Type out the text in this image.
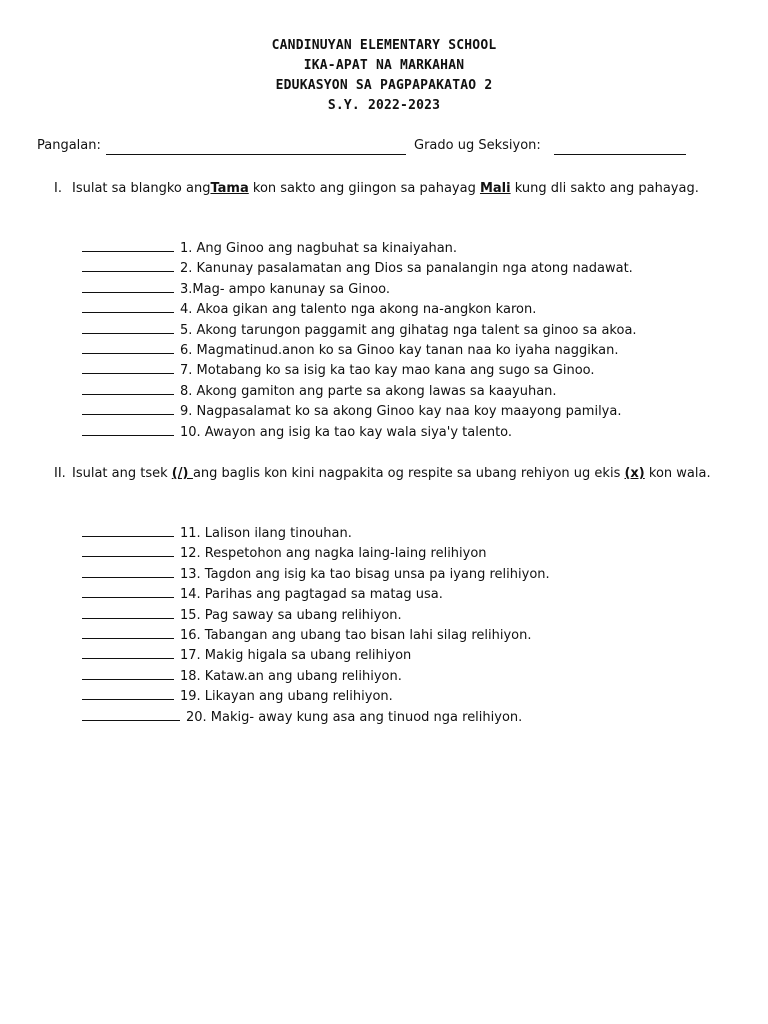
CANDINUYAN ELEMENTARY SCHOOL
IKA-APAT NA MARKAHAN
EDUKASYON SA PAGPAPAKATAO 2
S.Y. 2022-2023
Pangalan:	Grado ug Seksiyon:
I. Isulat sa blangko angTama kon sakto ang giingon sa pahayag Mali kung dli sakto ang pahayag.
1. Ang Ginoo ang nagbuhat sa kinaiyahan.
2. Kanunay pasalamatan ang Dios sa panalangin nga atong nadawat.
3.Mag- ampo kanunay sa Ginoo.
4. Akoa gikan ang talento nga akong na-angkon karon.
5. Akong tarungon paggamit ang gihatag nga talent sa ginoo sa akoa.
6. Magmatinud.anon ko sa Ginoo kay tanan naa ko iyaha naggikan.
7. Motabang ko sa isig ka tao kay mao kana ang sugo sa Ginoo.
8. Akong gamiton ang parte sa akong lawas sa kaayuhan.
9. Nagpasalamat ko sa akong Ginoo kay naa koy maayong pamilya.
10. Awayon ang isig ka tao kay wala siya'y talento.
II. Isulat ang tsek (/) ang baglis kon kini nagpakita og respite sa ubang rehiyon ug ekis (x) kon wala.
11. Lalison ilang tinouhan.
12. Respetohon ang nagka laing-laing relihiyon
13. Tagdon ang isig ka tao bisag unsa pa iyang relihiyon.
14. Parihas ang pagtagad sa matag usa.
15. Pag saway sa ubang relihiyon.
16. Tabangan ang ubang tao bisan lahi silag relihiyon.
17. Makig higala sa ubang relihiyon
18. Kataw.an ang ubang relihiyon.
19. Likayan ang ubang relihiyon.
20. Makig- away kung asa ang tinuod nga relihiyon.
